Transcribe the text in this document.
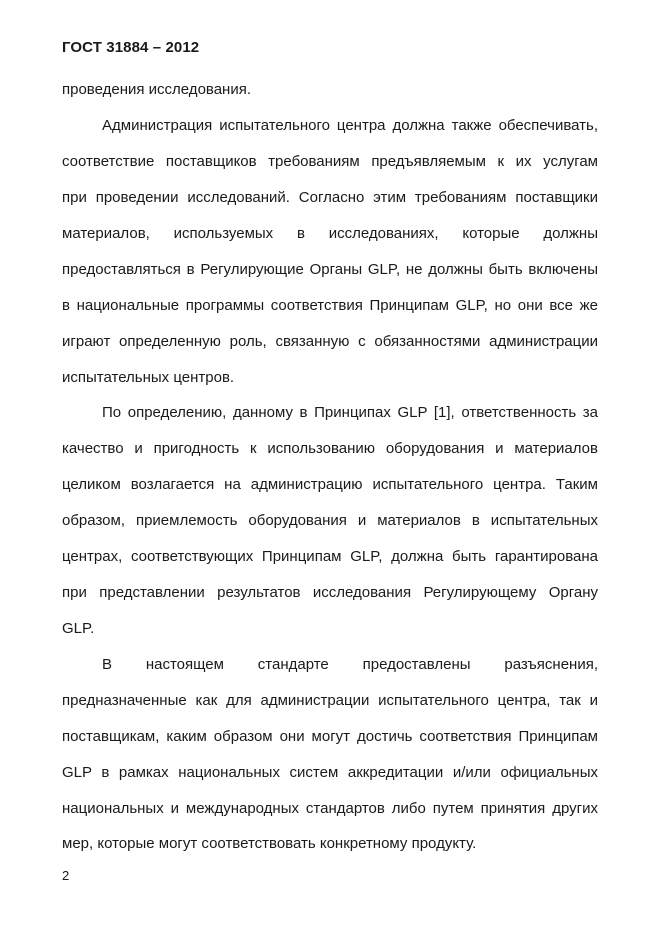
ГОСТ 31884 – 2012
проведения исследования.
Администрация испытательного центра должна также обеспечивать,
соответствие поставщиков требованиям предъявляемым к их услугам
при проведении исследований. Согласно этим требованиям поставщики
материалов, используемых в исследованиях, которые должны
предоставляться в Регулирующие Органы GLP, не должны быть включены
в национальные программы соответствия Принципам GLP, но они все же
играют определенную роль, связанную с обязанностями администрации
испытательных центров.
По определению, данному в Принципах GLP [1], ответственность за
качество и пригодность к использованию оборудования и материалов
целиком возлагается на администрацию испытательного центра. Таким
образом, приемлемость оборудования и материалов в испытательных
центрах, соответствующих Принципам GLP, должна быть гарантирована
при представлении результатов исследования Регулирующему Органу
GLP.
В настоящем стандарте предоставлены разъяснения,
предназначенные как для администрации испытательного центра, так и
поставщикам, каким образом они могут достичь соответствия Принципам
GLP в рамках национальных систем аккредитации и/или официальных
национальных и международных стандартов либо путем принятия других
мер, которые могут соответствовать конкретному продукту.
2
